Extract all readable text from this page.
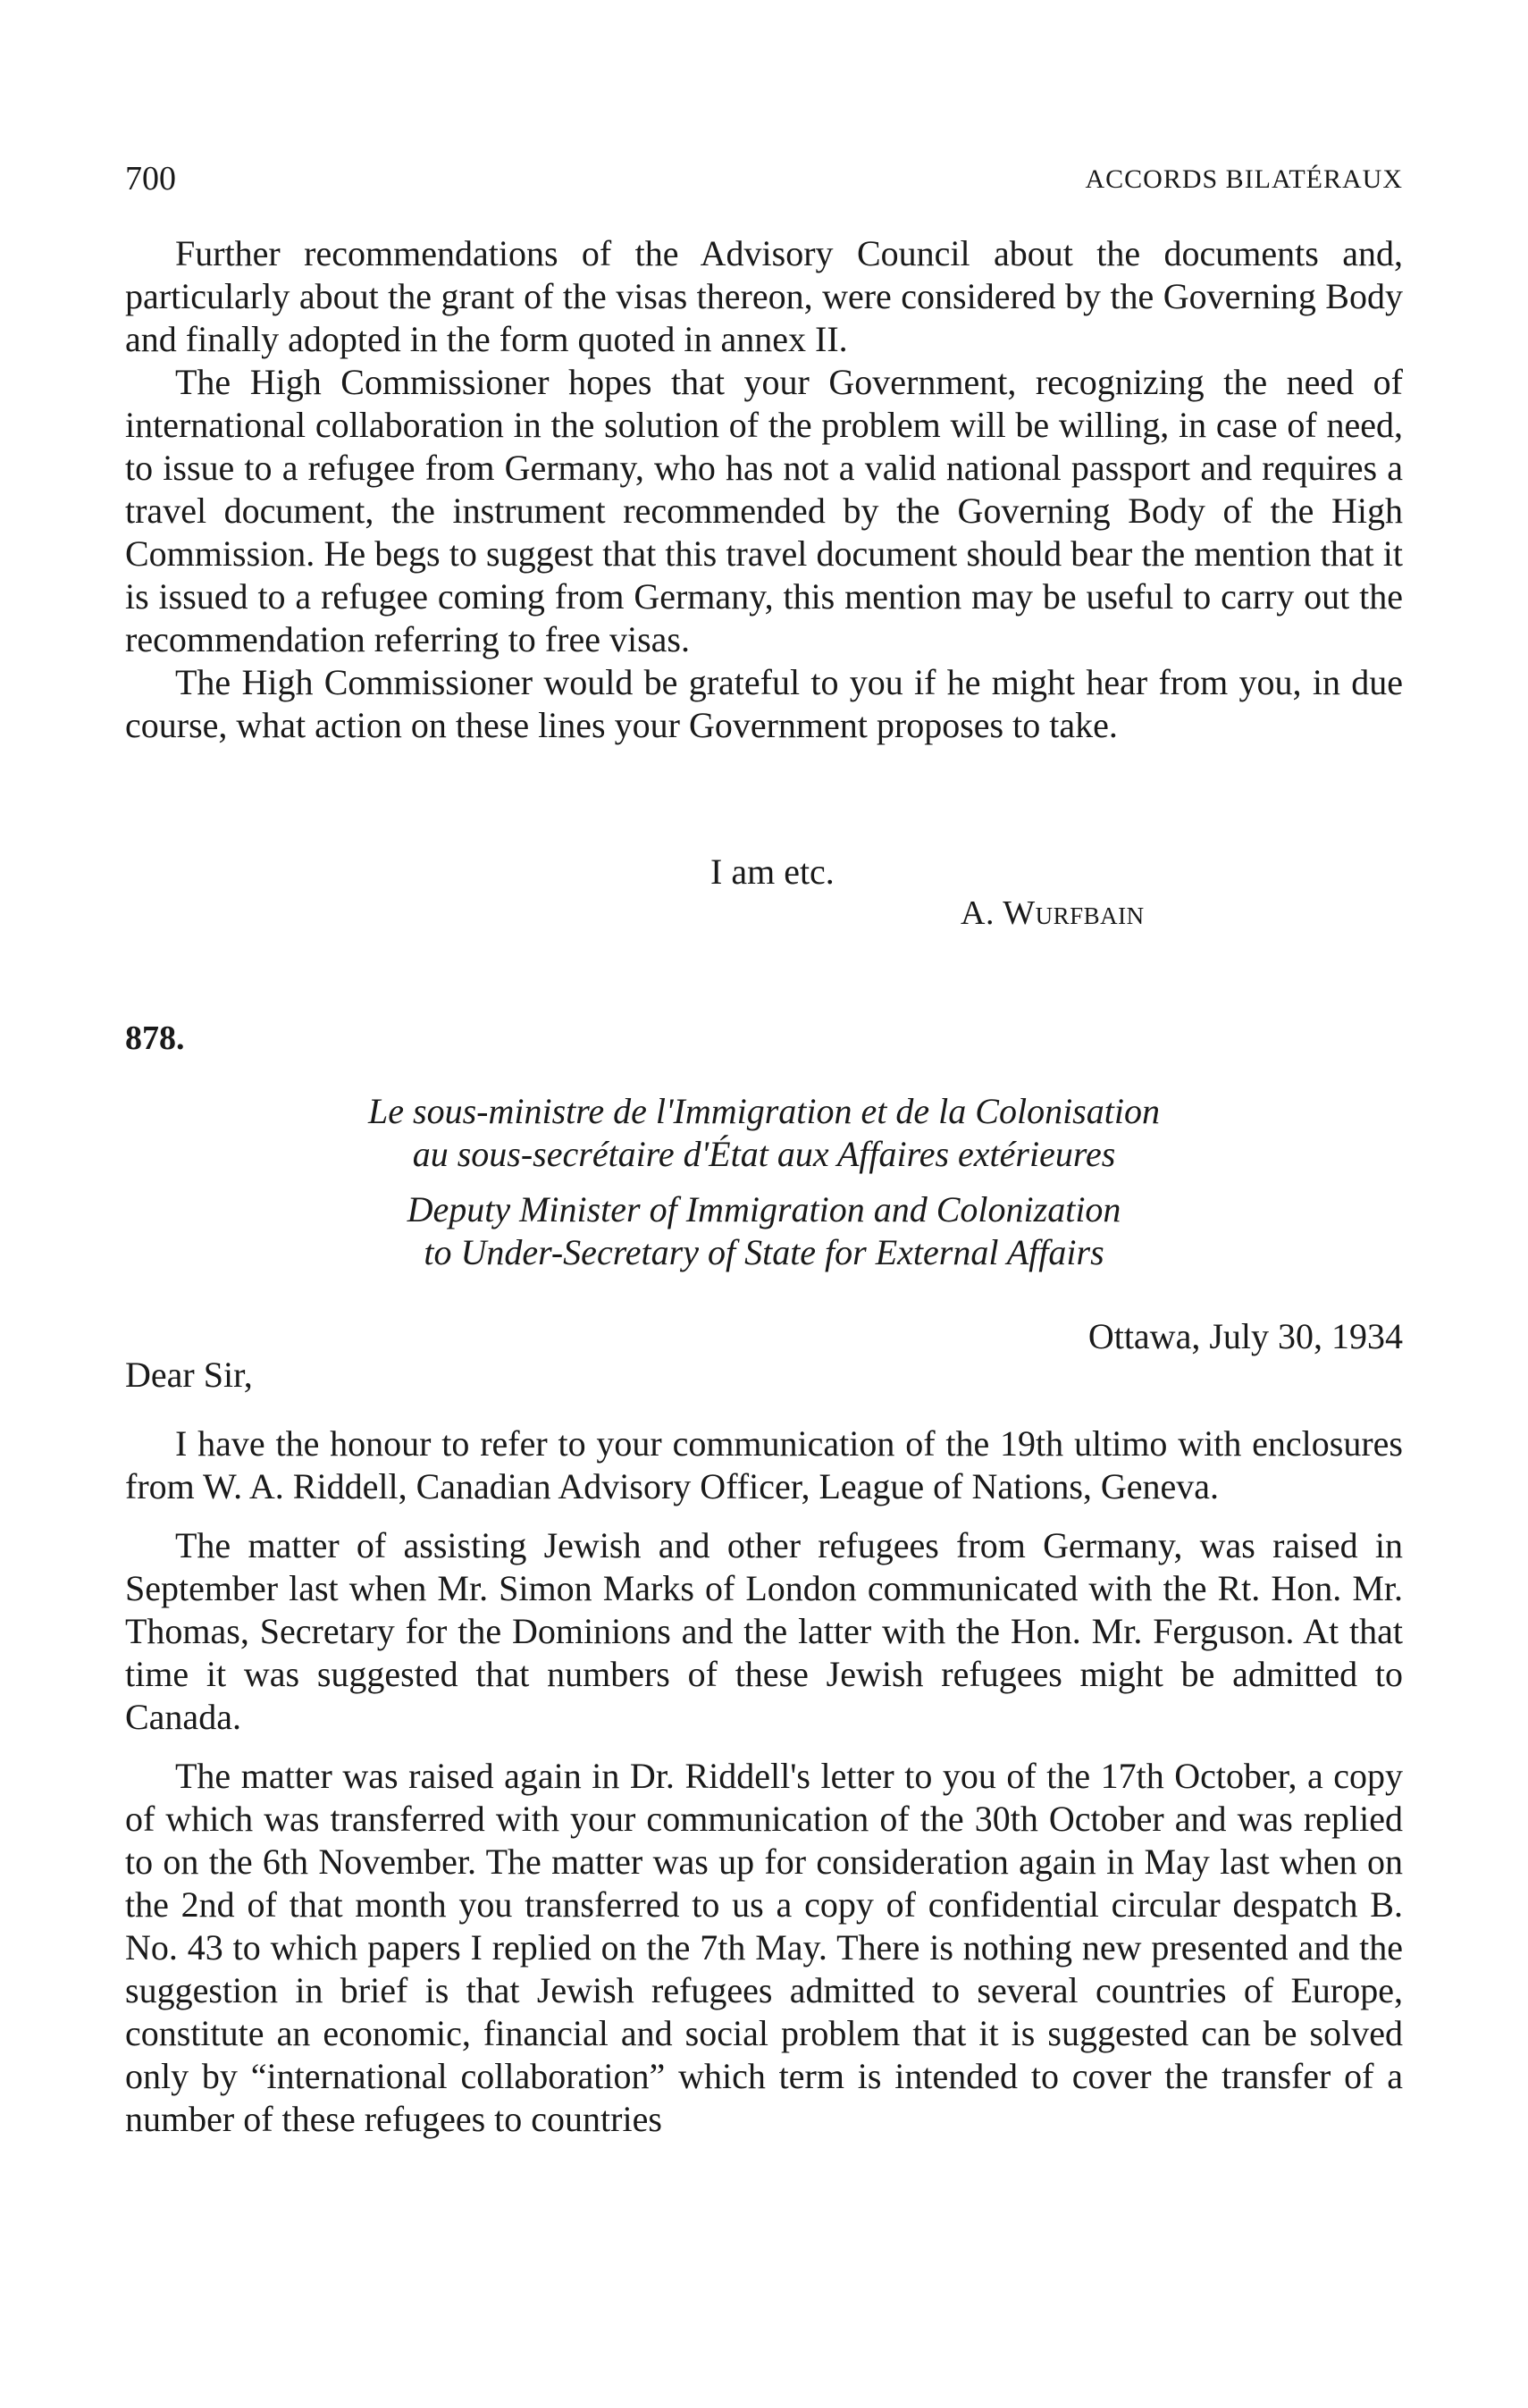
700	ACCORDS BILATÉRAUX

Further recommendations of the Advisory Council about the documents and, particularly about the grant of the visas thereon, were considered by the Governing Body and finally adopted in the form quoted in annex II.

The High Commissioner hopes that your Government, recognizing the need of international collaboration in the solution of the problem will be willing, in case of need, to issue to a refugee from Germany, who has not a valid national passport and requires a travel document, the instrument recommended by the Governing Body of the High Commission. He begs to suggest that this travel document should bear the mention that it is issued to a refugee coming from Germany, this mention may be useful to carry out the recommendation referring to free visas.

The High Commissioner would be grateful to you if he might hear from you, in due course, what action on these lines your Government proposes to take.

I am etc.
A. Wurfbain
878.
Le sous-ministre de l'Immigration et de la Colonisation
au sous-secrétaire d'État aux Affaires extérieures
Deputy Minister of Immigration and Colonization
to Under-Secretary of State for External Affairs
Ottawa, July 30, 1934
Dear Sir,

I have the honour to refer to your communication of the 19th ultimo with enclosures from W. A. Riddell, Canadian Advisory Officer, League of Nations, Geneva.

The matter of assisting Jewish and other refugees from Germany, was raised in September last when Mr. Simon Marks of London communicated with the Rt. Hon. Mr. Thomas, Secretary for the Dominions and the latter with the Hon. Mr. Ferguson. At that time it was suggested that numbers of these Jewish refugees might be admitted to Canada.

The matter was raised again in Dr. Riddell's letter to you of the 17th October, a copy of which was transferred with your communication of the 30th October and was replied to on the 6th November. The matter was up for consideration again in May last when on the 2nd of that month you transferred to us a copy of confidential circular despatch B. No. 43 to which papers I replied on the 7th May. There is nothing new presented and the suggestion in brief is that Jewish refugees admitted to several countries of Europe, constitute an economic, financial and social problem that it is suggested can be solved only by “international collaboration” which term is intended to cover the transfer of a number of these refugees to countries
